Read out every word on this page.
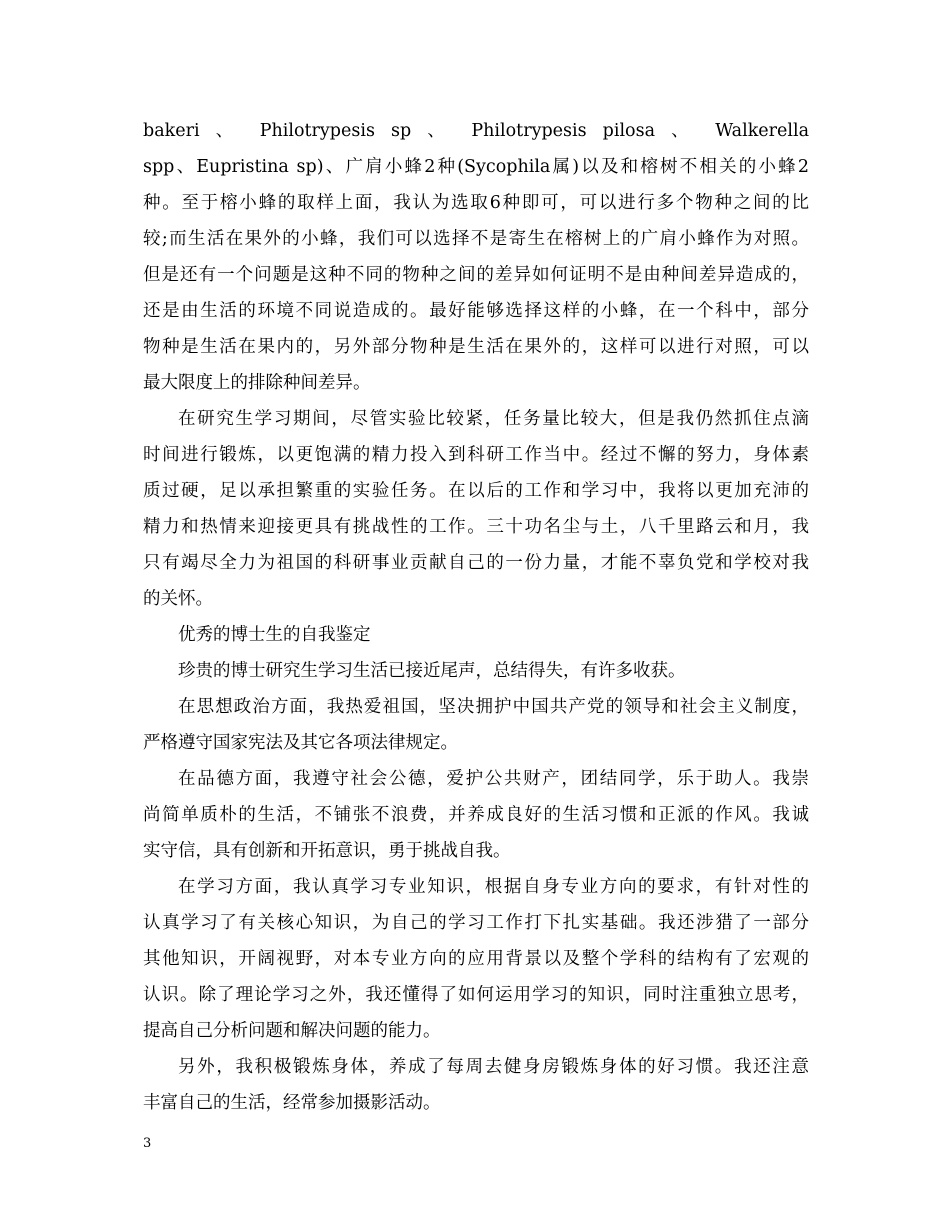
bakeri 、 Philotrypesis sp 、 Philotrypesis pilosa 、 Walkerella
spp、Eupristina sp)、广肩小蜂2种(Sycophila属)以及和榕树不相关的小蜂2
种。至于榕小蜂的取样上面，我认为选取6种即可，可以进行多个物种之间的比
较;而生活在果外的小蜂，我们可以选择不是寄生在榕树上的广肩小蜂作为对照。
但是还有一个问题是这种不同的物种之间的差异如何证明不是由种间差异造成的，
还是由生活的环境不同说造成的。最好能够选择这样的小蜂，在一个科中，部分
物种是生活在果内的，另外部分物种是生活在果外的，这样可以进行对照，可以
最大限度上的排除种间差异。
在研究生学习期间，尽管实验比较紧，任务量比较大，但是我仍然抓住点滴
时间进行锻炼，以更饱满的精力投入到科研工作当中。经过不懈的努力，身体素
质过硬，足以承担繁重的实验任务。在以后的工作和学习中，我将以更加充沛的
精力和热情来迎接更具有挑战性的工作。三十功名尘与土，八千里路云和月，我
只有竭尽全力为祖国的科研事业贡献自己的一份力量，才能不辜负党和学校对我
的关怀。
优秀的博士生的自我鉴定
珍贵的博士研究生学习生活已接近尾声，总结得失，有许多收获。
在思想政治方面，我热爱祖国，坚决拥护中国共产党的领导和社会主义制度，
严格遵守国家宪法及其它各项法律规定。
在品德方面，我遵守社会公德，爱护公共财产，团结同学，乐于助人。我崇
尚简单质朴的生活，不铺张不浪费，并养成良好的生活习惯和正派的作风。我诚
实守信，具有创新和开拓意识，勇于挑战自我。
在学习方面，我认真学习专业知识，根据自身专业方向的要求，有针对性的
认真学习了有关核心知识，为自己的学习工作打下扎实基础。我还涉猎了一部分
其他知识，开阔视野，对本专业方向的应用背景以及整个学科的结构有了宏观的
认识。除了理论学习之外，我还懂得了如何运用学习的知识，同时注重独立思考，
提高自己分析问题和解决问题的能力。
另外，我积极锻炼身体，养成了每周去健身房锻炼身体的好习惯。我还注意
丰富自己的生活，经常参加摄影活动。
3
